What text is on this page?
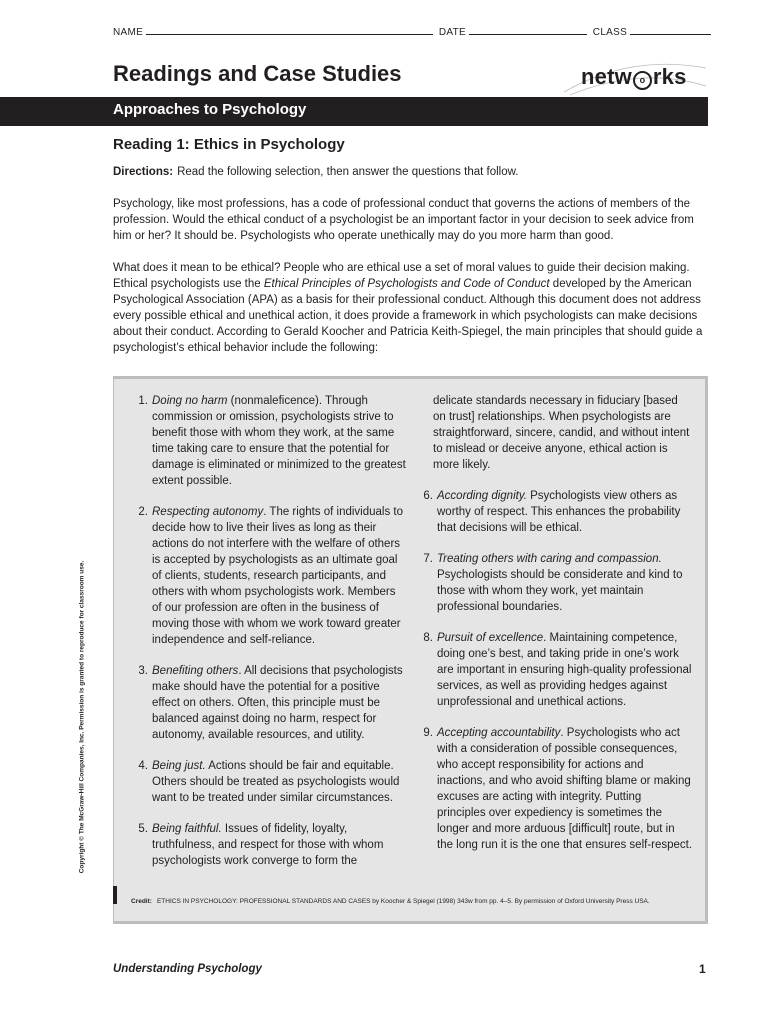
NAME	DATE	CLASS
Readings and Case Studies	netw o rks
Approaches to Psychology
Reading 1: Ethics in Psychology

Directions: Read the following selection, then answer the questions that follow.

Psychology, like most professions, has a code of professional conduct that governs the actions of members of the profession. Would the ethical conduct of a psychologist be an important factor in your decision to seek advice from him or her? It should be. Psychologists who operate unethically may do you more harm than good.

What does it mean to be ethical? People who are ethical use a set of moral values to guide their decision making. Ethical psychologists use the Ethical Principles of Psychologists and Code of Conduct developed by the American Psychological Association (APA) as a basis for their professional conduct. Although this document does not address every possible ethical and unethical action, it does provide a framework in which psychologists can make decisions about their conduct. According to Gerald Koocher and Patricia Keith-Spiegel, the main principles that should guide a psychologist’s ethical behavior include the following:

Copyright © The McGraw-Hill Companies, Inc. Permission is granted to reproduce for classroom use.
1. Doing no harm (nonmaleficence). Through commission or omission, psychologists strive to benefit those with whom they work, at the same time taking care to ensure that the potential for damage is eliminated or minimized to the greatest extent possible.
2. Respecting autonomy. The rights of individuals to decide how to live their lives as long as their actions do not interfere with the welfare of others is accepted by psychologists as an ultimate goal of clients, students, research participants, and others with whom psychologists work. Members of our profession are often in the business of moving those with whom we work toward greater independence and self-reliance.
3. Benefiting others. All decisions that psychologists make should have the potential for a positive effect on others. Often, this principle must be balanced against doing no harm, respect for autonomy, available resources, and utility.
4. Being just. Actions should be fair and equitable. Others should be treated as psychologists would want to be treated under similar circumstances.
5. Being faithful. Issues of fidelity, loyalty, truthfulness, and respect for those with whom psychologists work converge to form the
delicate standards necessary in fiduciary [based on trust] relationships. When psychologists are straightforward, sincere, candid, and without intent to mislead or deceive anyone, ethical action is more likely.
6. According dignity. Psychologists view others as worthy of respect. This enhances the probability that decisions will be ethical.
7. Treating others with caring and compassion. Psychologists should be considerate and kind to those with whom they work, yet maintain professional boundaries.
8. Pursuit of excellence. Maintaining competence, doing one’s best, and taking pride in one’s work are important in ensuring high-quality professional services, as well as providing hedges against unprofessional and unethical actions.
9. Accepting accountability. Psychologists who act with a consideration of possible consequences, who accept responsibility for actions and inactions, and who avoid shifting blame or making excuses are acting with integrity. Putting principles over expediency is sometimes the longer and more arduous [difficult] route, but in the long run it is the one that ensures self-respect.
Credit: ETHICS IN PSYCHOLOGY: PROFESSIONAL STANDARDS AND CASES by Koocher & Spiegel (1998) 343w from pp. 4–5. By permission of Oxford University Press USA.
Understanding Psychology	1
